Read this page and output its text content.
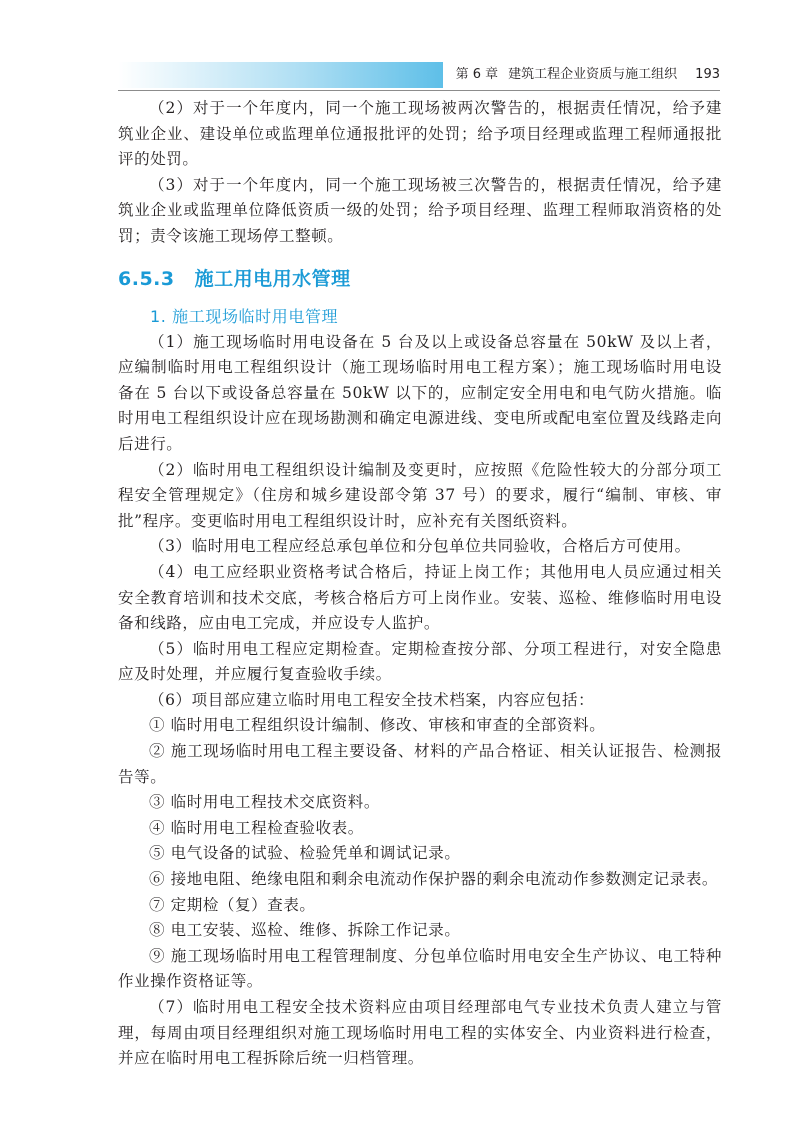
第 6 章 建筑工程企业资质与施工组织 193

（2）对于一个年度内，同一个施工现场被两次警告的，根据责任情况，给予建筑业企业、建设单位或监理单位通报批评的处罚；给予项目经理或监理工程师通报批评的处罚。

（3）对于一个年度内，同一个施工现场被三次警告的，根据责任情况，给予建筑业企业或监理单位降低资质一级的处罚；给予项目经理、监理工程师取消资格的处罚；责令该施工现场停工整顿。

6.5.3 施工用电用水管理
1. 施工现场临时用电管理

（1）施工现场临时用电设备在 5 台及以上或设备总容量在 50kW 及以上者，应编制临时用电工程组织设计（施工现场临时用电工程方案）；施工现场临时用电设备在 5 台以下或设备总容量在 50kW 以下的，应制定安全用电和电气防火措施。临时用电工程组织设计应在现场勘测和确定电源进线、变电所或配电室位置及线路走向后进行。

（2）临时用电工程组织设计编制及变更时，应按照《危险性较大的分部分项工程安全管理规定》（住房和城乡建设部令第 37 号）的要求，履行“编制、审核、审批”程序。变更临时用电工程组织设计时，应补充有关图纸资料。

（3）临时用电工程应经总承包单位和分包单位共同验收，合格后方可使用。

（4）电工应经职业资格考试合格后，持证上岗工作；其他用电人员应通过相关安全教育培训和技术交底，考核合格后方可上岗作业。安装、巡检、维修临时用电设备和线路，应由电工完成，并应设专人监护。

（5）临时用电工程应定期检查。定期检查按分部、分项工程进行，对安全隐患应及时处理，并应履行复查验收手续。

（6）项目部应建立临时用电工程安全技术档案，内容应包括：

① 临时用电工程组织设计编制、修改、审核和审查的全部资料。

② 施工现场临时用电工程主要设备、材料的产品合格证、相关认证报告、检测报告等。

③ 临时用电工程技术交底资料。

④ 临时用电工程检查验收表。

⑤ 电气设备的试验、检验凭单和调试记录。

⑥ 接地电阻、绝缘电阻和剩余电流动作保护器的剩余电流动作参数测定记录表。

⑦ 定期检（复）查表。

⑧ 电工安装、巡检、维修、拆除工作记录。

⑨ 施工现场临时用电工程管理制度、分包单位临时用电安全生产协议、电工特种作业操作资格证等。

（7）临时用电工程安全技术资料应由项目经理部电气专业技术负责人建立与管理，每周由项目经理组织对施工现场临时用电工程的实体安全、内业资料进行检查，并应在临时用电工程拆除后统一归档管理。
